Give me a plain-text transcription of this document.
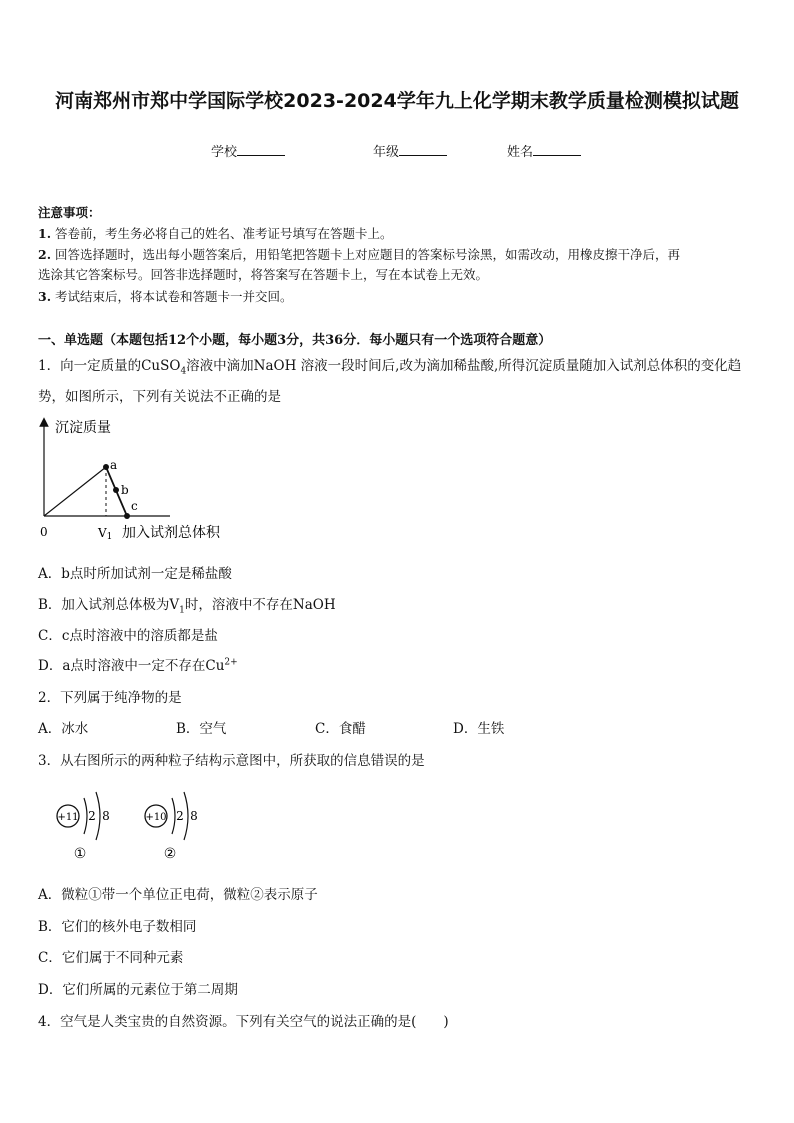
河南郑州市郑中学国际学校2023-2024学年九上化学期末教学质量检测模拟试题
学校	年级	姓名
注意事项：
1. 答卷前，考生务必将自己的姓名、准考证号填写在答题卡上。
2. 回答选择题时，选出每小题答案后，用铅笔把答题卡上对应题目的答案标号涂黑，如需改动，用橡皮擦干净后，再
选涂其它答案标号。回答非选择题时，将答案写在答题卡上，写在本试卷上无效。
3. 考试结束后，将本试卷和答题卡一并交回。
一、单选题（本题包括12个小题，每小题3分，共36分．每小题只有一个选项符合题意）
1．向一定质量的CuSO$_4$溶液中滴加NaOH 溶液一段时间后,改为滴加稀盐酸,所得沉淀质量随加入试剂总体积的变化趋
势，如图所示，下列有关说法不正确的是
沉淀质量
a
b
c
0	V1 加入试剂总体积
A．b点时所加试剂一定是稀盐酸
B．加入试剂总体极为$V_1$时，溶液中不存在NaOH
C．c点时溶液中的溶质都是盐
D．a点时溶液中一定不存在$Cu^{2+}$
2．下列属于纯净物的是
A．冰水	B．空气	C．食醋	D．生铁
3．从右图所示的两种粒子结构示意图中，所获取的信息错误的是
+11 2 8
①
+10 2 8
②
A．微粒①带一个单位正电荷，微粒②表示原子
B．它们的核外电子数相同
C．它们属于不同种元素
D．它们所属的元素位于第二周期
4．空气是人类宝贵的自然资源。下列有关空气的说法正确的是(　　)
